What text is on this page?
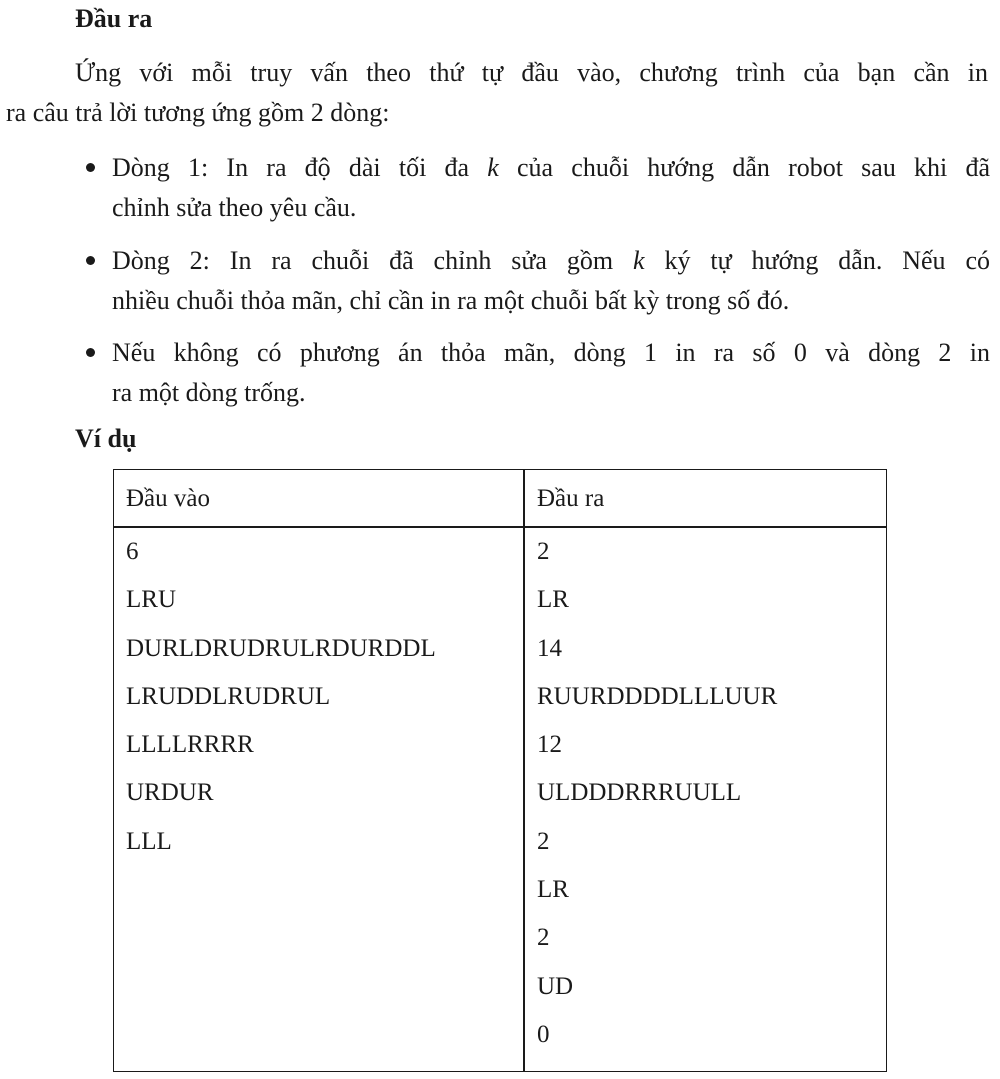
Đầu ra
Ứng với mỗi truy vấn theo thứ tự đầu vào, chương trình của bạn cần in
ra câu trả lời tương ứng gồm 2 dòng:
Dòng 1: In ra độ dài tối đa k của chuỗi hướng dẫn robot sau khi đã
chỉnh sửa theo yêu cầu.
Dòng 2: In ra chuỗi đã chỉnh sửa gồm k ký tự hướng dẫn. Nếu có
nhiều chuỗi thỏa mãn, chỉ cần in ra một chuỗi bất kỳ trong số đó.
Nếu không có phương án thỏa mãn, dòng 1 in ra số 0 và dòng 2 in
ra một dòng trống.
Ví dụ
Đầu vào	Đầu ra
6
LRU
DURLDRUDRULRDURDDL
LRUDDLRUDRUL
LLLLRRRR
URDUR
LLL
2
LR
14
RUURDDDDLLLUUR
12
ULDDDRRRUULL
2
LR
2
UD
0
